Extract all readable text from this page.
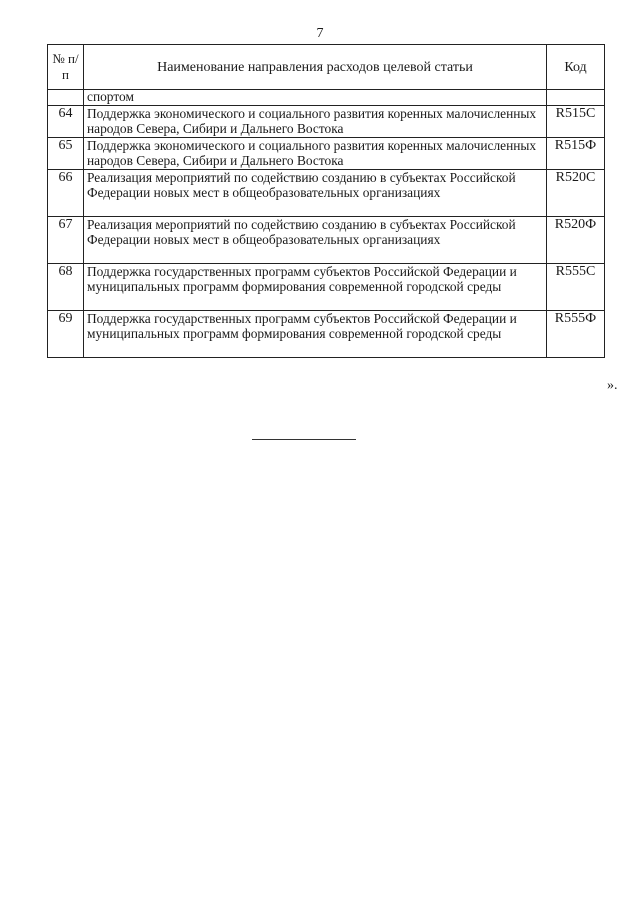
7
№ п/п	Наименование направления расходов целевой статьи	Код
	спортом	
64	Поддержка экономического и социального развития коренных малочисленных народов Севера, Сибири и Дальнего Востока	R515С
65	Поддержка экономического и социального развития коренных малочисленных народов Севера, Сибири и Дальнего Востока	R515Ф
66	Реализация мероприятий по содействию созданию в субъектах Российской Федерации новых мест в общеобразовательных организациях	R520С
67	Реализация мероприятий по содействию созданию в субъектах Российской Федерации новых мест в общеобразовательных организациях	R520Ф
68	Поддержка государственных программ субъектов Российской Федерации и муниципальных программ формирования современной городской среды	R555С
69	Поддержка государственных программ субъектов Российской Федерации и муниципальных программ формирования современной городской среды	R555Ф
».
